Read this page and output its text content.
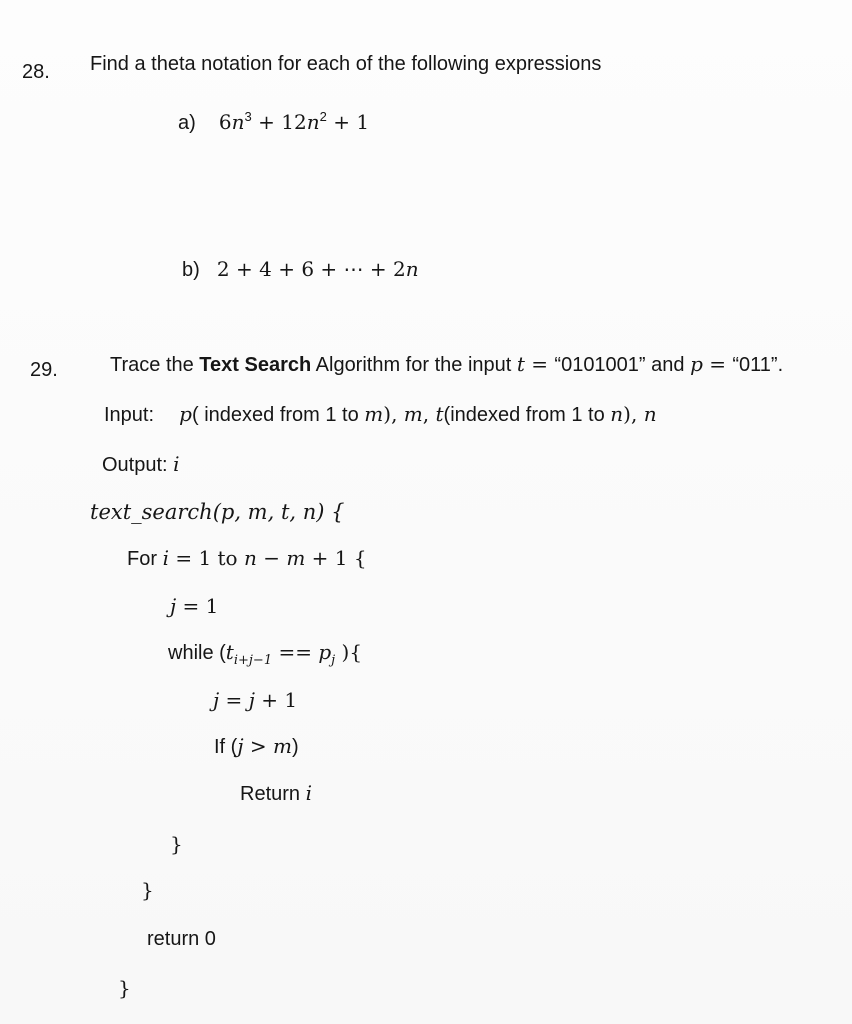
28. Find a theta notation for each of the following expressions
a) $6n^3 + 12n^2 + 1$
b) 2 + 4 + 6 + ⋯ + 2n
29.	Trace the Text Search Algorithm for the input t = “0101001” and p = “011”.
Input: p( indexed from 1 to m), m, t(indexed from 1 to n), n
Output: i
text_search(p, m, t, n) {
For i = 1 to n − m + 1 {
j = 1
while ($t_{i+j-1} == p_j$ ){
j = j + 1
If (j > m)
Return i
}
}
return 0
}
